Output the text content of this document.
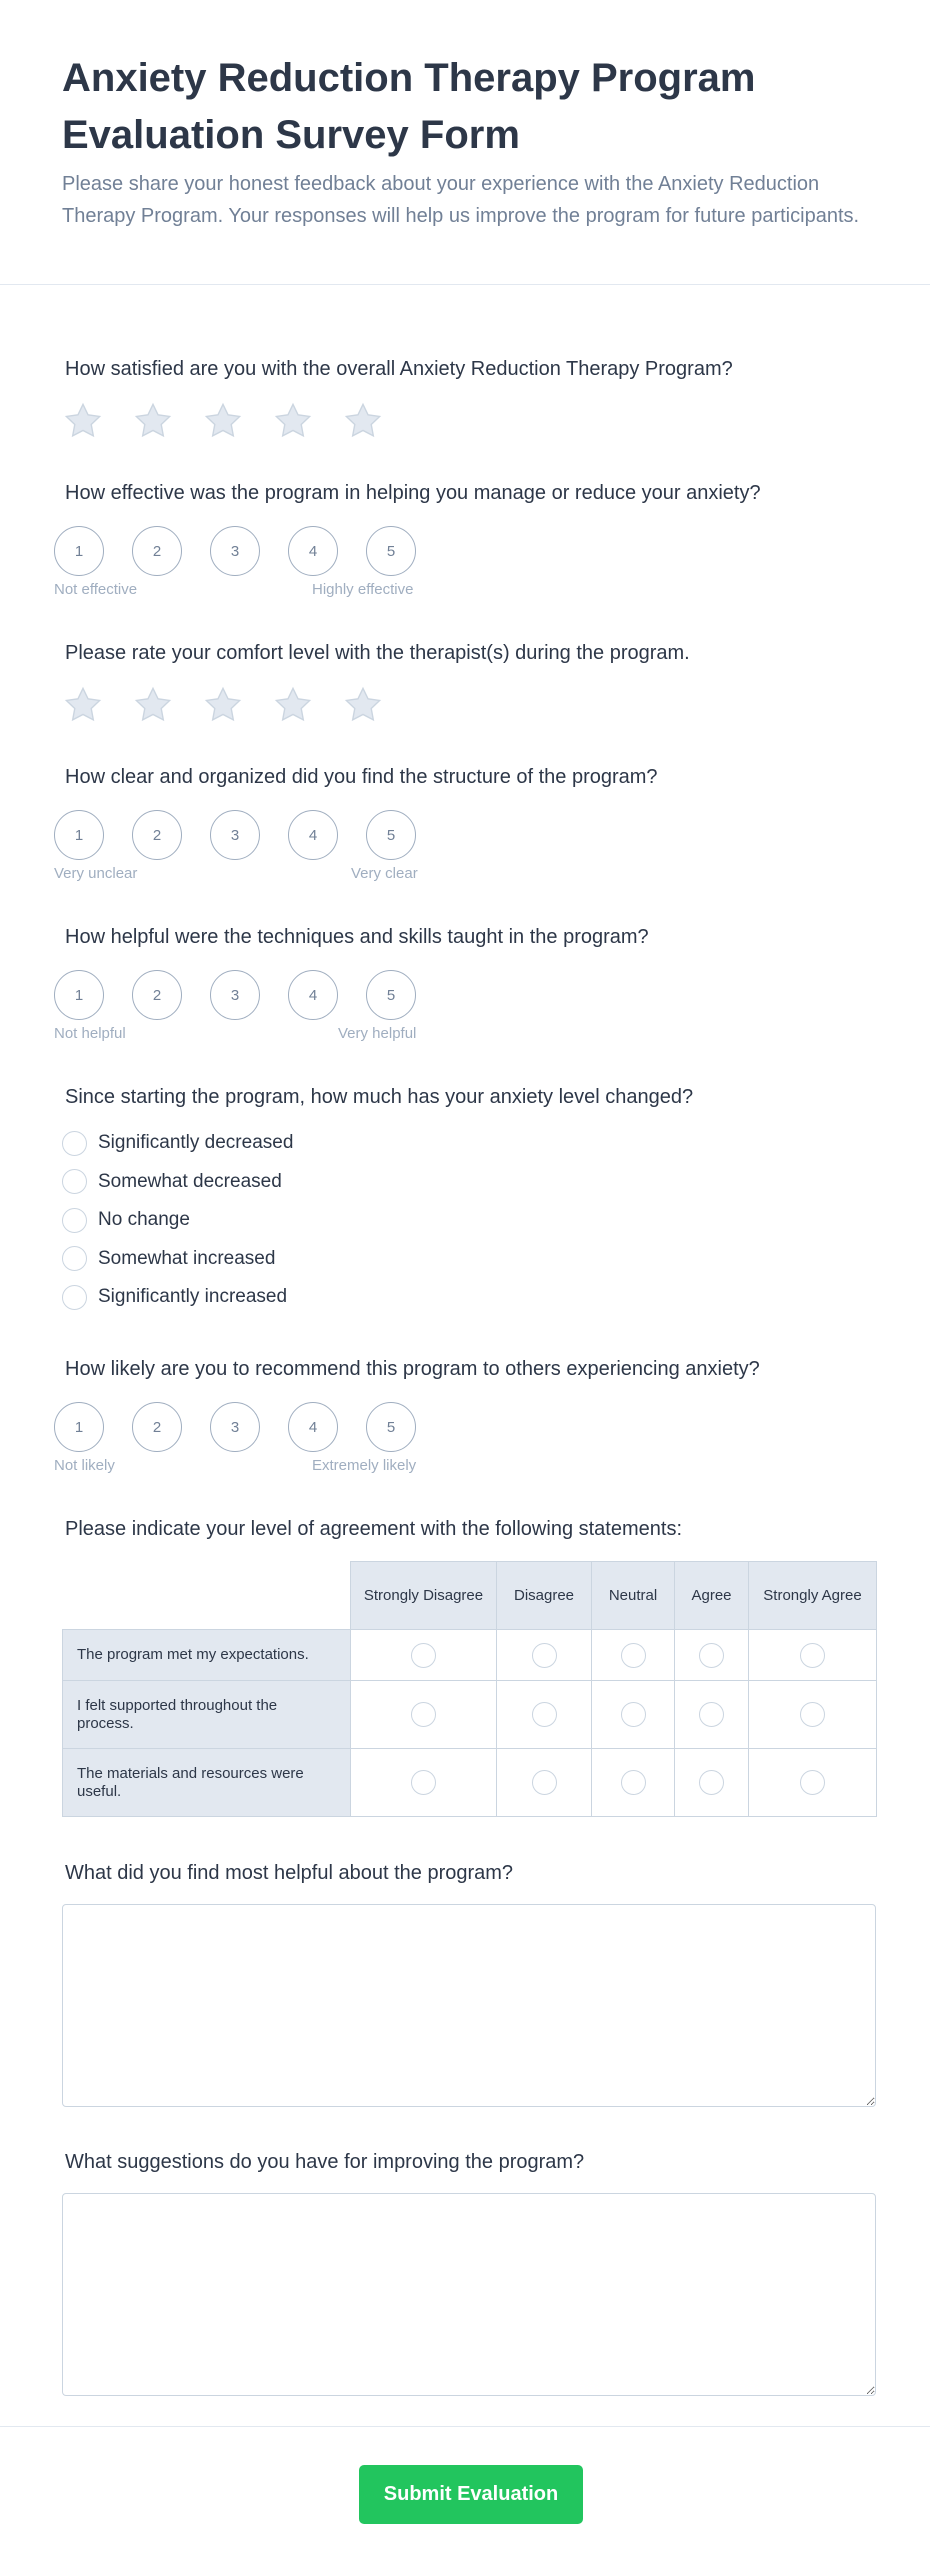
Anxiety Reduction Therapy Program Evaluation Survey Form

Please share your honest feedback about your experience with the Anxiety Reduction Therapy Program. Your responses will help us improve the program for future participants.

How satisfied are you with the overall Anxiety Reduction Therapy Program?
How effective was the program in helping you manage or reduce your anxiety?
1	2	3	4	5
Not effective	Highly effective
Please rate your comfort level with the therapist(s) during the program.
How clear and organized did you find the structure of the program?
1	2	3	4	5
Very unclear	Very clear
How helpful were the techniques and skills taught in the program?
1	2	3	4	5
Not helpful	Very helpful
Since starting the program, how much has your anxiety level changed?
Significantly decreased
Somewhat decreased
No change
Somewhat increased
Significantly increased
How likely are you to recommend this program to others experiencing anxiety?
1	2	3	4	5
Not likely	Extremely likely
Please indicate your level of agreement with the following statements:
	Strongly Disagree	Disagree	Neutral	Agree	Strongly Agree
The program met my expectations.					
I felt supported throughout the process.					
The materials and resources were useful.					
What did you find most helpful about the program?
What suggestions do you have for improving the program?
Submit Evaluation
